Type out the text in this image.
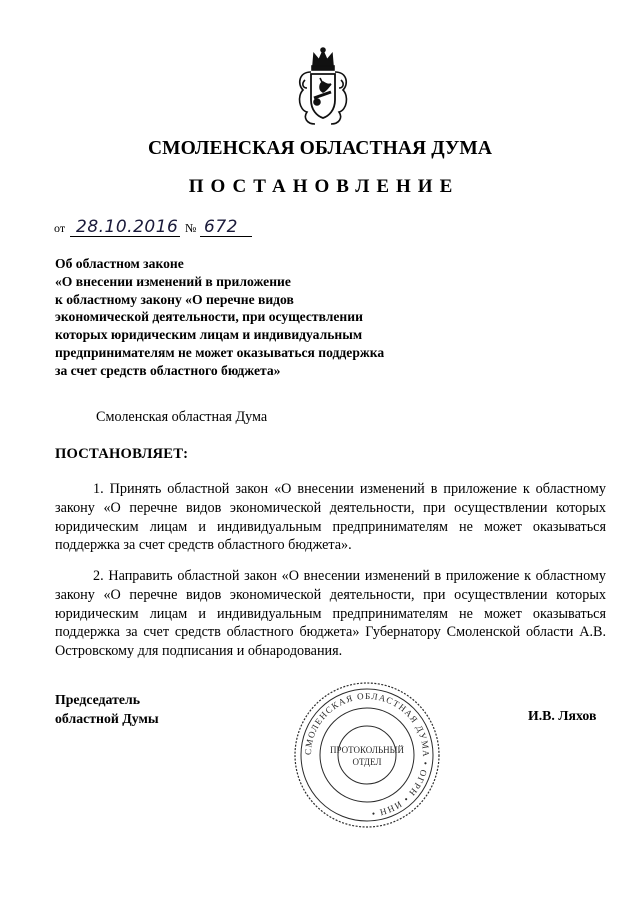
СМОЛЕНСКАЯ ОБЛАСТНАЯ ДУМА
ПОСТАНОВЛЕНИЕ
от 28.10.2016 № 672
Об областном законе
«О внесении изменений в приложение
к областному закону «О перечне видов
экономической деятельности, при осуществлении
которых юридическим лицам и индивидуальным
предпринимателям не может оказываться поддержка
за счет средств областного бюджета»
Смоленская областная Дума
ПОСТАНОВЛЯЕТ:
1. Принять областной закон «О внесении изменений в приложение к областному закону «О перечне видов экономической деятельности, при осуществлении которых юридическим лицам и индивидуальным предпринимателям не может оказываться поддержка за счет средств областного бюджета».
2. Направить областной закон «О внесении изменений в приложение к областному закону «О перечне видов экономической деятельности, при осуществлении которых юридическим лицам и индивидуальным предпринимателям не может оказываться поддержка за счет средств областного бюджета» Губернатору Смоленской области А.В. Островскому для подписания и обнародования.
Председатель
областной Думы	И.В. Ляхов
СМОЛЕНСКАЯ ОБЛАСТНАЯ ДУМА • ОГРН • ИНН •
ПРОТОКОЛЬНЫЙ
ОТДЕЛ
